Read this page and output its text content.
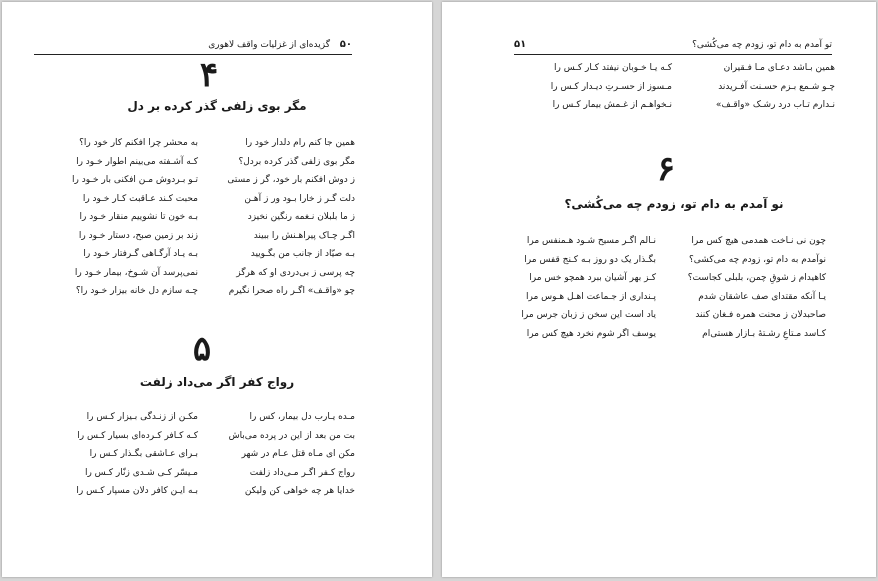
۵۰
گزیده‌ای از غزلیات واقف لاهوری
۴
مگر بوی زلفی گذر کرده بر دل
همین جا کنم رام دلدار خود را
مگر بوی زلفی گذر کرده بردل؟
ز دوش افکنم بار خود، گر ز مستی
دلت گـر ز خارا بـود ور ز آهـن
ز ما بلبلان نـغمه رنگین نخیزد
اگـر چـاک پیراهـنش را ببیند
بـه صیّاد از جانب من بگـویید
چه پرسی ز بی‌دردی او که هرگز
چو «واقـف» اگـر راه صحرا نگیرم
به محشر چرا افکنم کار خود را؟
کـه آشـفته می‌بینم اطوار خـود را
تـو بـردوش مـن افکنی بار خـود را
محبت کـند عـاقبت کـار خـود را
بـه خون تا نشوییم منقار خـود را
زند بر زمین صبح، دستار خـود را
بـه یـاد آرگـاهی گـرفتار خـود را
نمی‌پرسد آن شـوخ، بیمار خـود را
چـه سازم دل خانه بیزار خـود را؟
۵
رواج کفر اگر می‌داد زلفت
مـده یـارب دل بیمار، کس را
بت من بعد از این در پرده می‌باش
مکن ای مـاه قتل عـام در شهر
رواج کـفر اگـر مـی‌داد زلفت
خدایا هر چه خواهی کن ولیکن
مکـن از زنـدگی بـیزار کـس را
کـه کـافر کـرده‌ای بسیار کـس را
بـرای عـاشقی بگـذار کـس را
مـیسّر کـی شـدی زنّار کـس را
بـه ایـن کافر دلان مسپار کـس را
۵۱	تو آمدم به دام تو، زودم چه می‌کُشی؟
همین بـاشد دعـای مـا فـقیران
چـو شـمع بـزم حسـنت آفـریدند
نـدارم تـاب درد رشـک «واقـف»
کـه یـا خـوبان نیفتد کـار کـس را
مـسوز از حسـرتِ دیـدار کـس را
نـخواهـم از غـمش بیمار کـس را
۶
نو آمدم به دام تو، زودم چه می‌کُشی؟
چون نی نـاخت همدمی هیچ کس مرا
نوآمدم به دام تو، زودم چه می‌کشی؟
کاهیدام ز شوقِ چمن، بلبلی کجاست؟
یـا آنکه مقتدای صف عاشقان شدم
صاحبدلان ز محنت همره فـغان کنند
کـاسد مـتاعِ رشـتهٔ بـازار هستی‌ام
نـالم اگـر مسیح شـود هـمنفس مرا
بگـذار یک دو روز بـه کـنج قفس مرا
کـز بهر آشیان ببرد همچو خس مرا
پـنداری از جـماعت اهـل هـوس مرا
یاد است این سخن ز زبان جرس مرا
یوسف اگر شوم نخرد هیچ کس مرا
